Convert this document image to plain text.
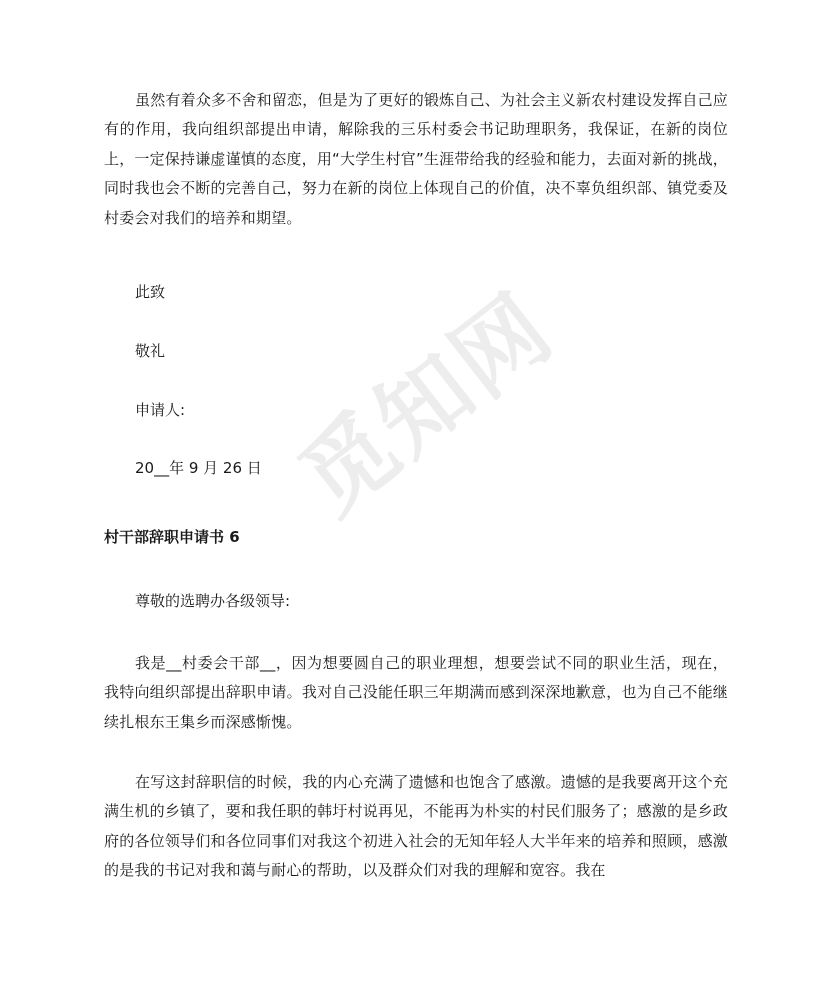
虽然有着众多不舍和留恋，但是为了更好的锻炼自己、为社会主义新农村建设发挥自己应有的作用，我向组织部提出申请，解除我的三乐村委会书记助理职务，我保证，在新的岗位上，一定保持谦虚谨慎的态度，用“大学生村官”生涯带给我的经验和能力，去面对新的挑战，同时我也会不断的完善自己，努力在新的岗位上体现自己的价值，决不辜负组织部、镇党委及村委会对我们的培养和期望。

此致

敬礼

申请人:

20__年 9 月 26 日

村干部辞职申请书 6

尊敬的选聘办各级领导:

我是__村委会干部__，因为想要圆自己的职业理想，想要尝试不同的职业生活，现在，我特向组织部提出辞职申请。我对自己没能任职三年期满而感到深深地歉意，也为自己不能继续扎根东王集乡而深感惭愧。

在写这封辞职信的时候，我的内心充满了遗憾和也饱含了感激。遗憾的是我要离开这个充满生机的乡镇了，要和我任职的韩圩村说再见，不能再为朴实的村民们服务了；感激的是乡政府的各位领导们和各位同事们对我这个初进入社会的无知年轻人大半年来的培养和照顾，感激的是我的书记对我和蔼与耐心的帮助，以及群众们对我的理解和宽容。我在

觅知网
